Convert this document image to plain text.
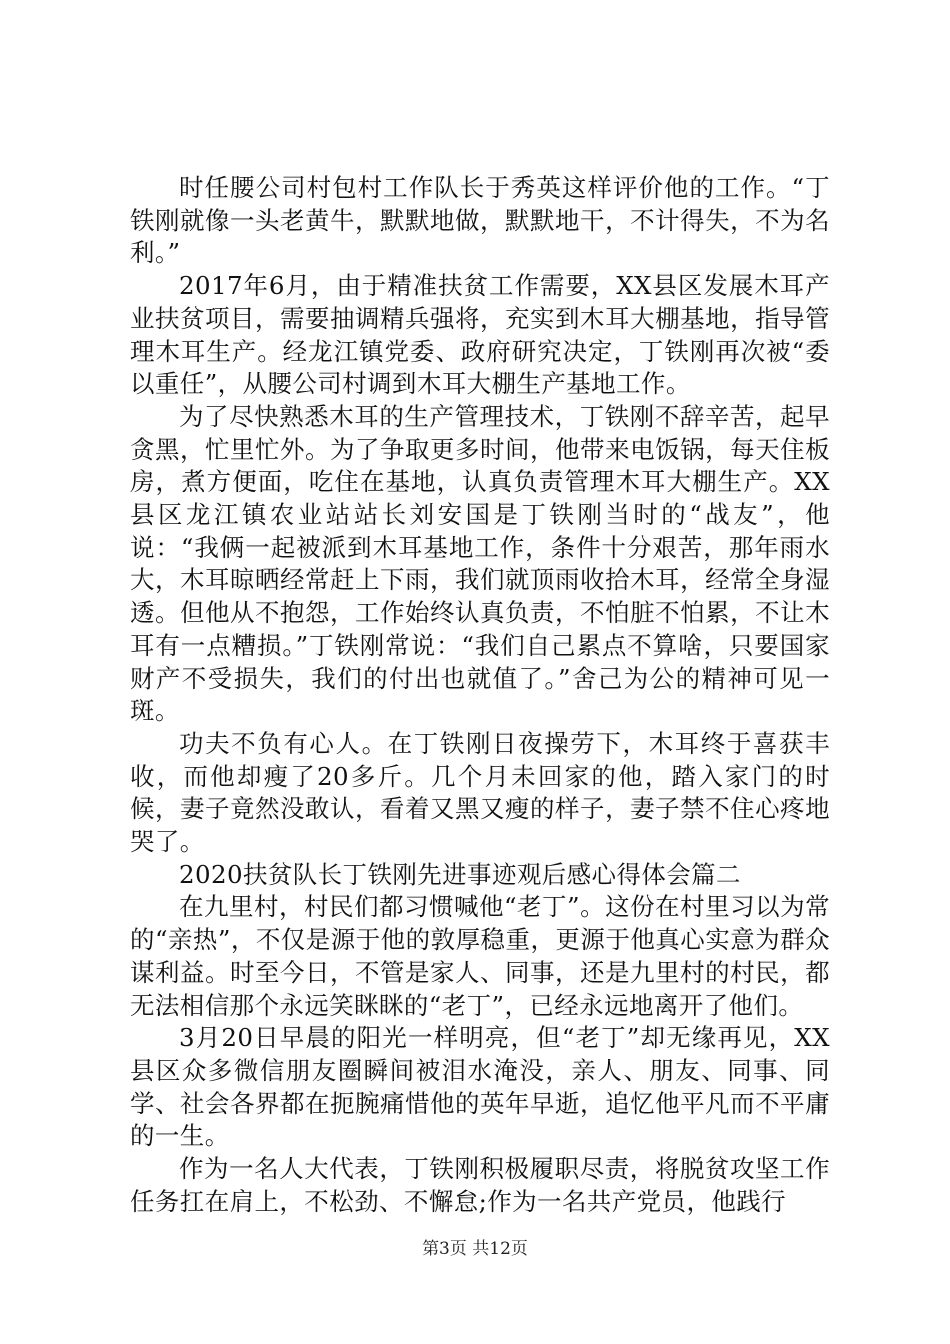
时任腰公司村包村工作队长于秀英这样评价他的工作。“丁铁刚就像一头老黄牛，默默地做，默默地干，不计得失，不为名利。”

2017年6月，由于精准扶贫工作需要，XX县区发展木耳产业扶贫项目，需要抽调精兵强将，充实到木耳大棚基地，指导管理木耳生产。经龙江镇党委、政府研究决定，丁铁刚再次被“委以重任”，从腰公司村调到木耳大棚生产基地工作。

为了尽快熟悉木耳的生产管理技术，丁铁刚不辞辛苦，起早贪黑，忙里忙外。为了争取更多时间，他带来电饭锅，每天住板房，煮方便面，吃住在基地，认真负责管理木耳大棚生产。XX县区龙江镇农业站站长刘安国是丁铁刚当时的“战友”，他说：“我俩一起被派到木耳基地工作，条件十分艰苦，那年雨水大，木耳晾晒经常赶上下雨，我们就顶雨收拾木耳，经常全身湿透。但他从不抱怨，工作始终认真负责，不怕脏不怕累，不让木耳有一点糟损。”丁铁刚常说：“我们自己累点不算啥，只要国家财产不受损失，我们的付出也就值了。”舍己为公的精神可见一斑。

功夫不负有心人。在丁铁刚日夜操劳下，木耳终于喜获丰收，而他却瘦了20多斤。几个月未回家的他，踏入家门的时候，妻子竟然没敢认，看着又黑又瘦的样子，妻子禁不住心疼地哭了。

2020扶贫队长丁铁刚先进事迹观后感心得体会篇二

在九里村，村民们都习惯喊他“老丁”。这份在村里习以为常的“亲热”，不仅是源于他的敦厚稳重，更源于他真心实意为群众谋利益。时至今日，不管是家人、同事，还是九里村的村民，都无法相信那个永远笑眯眯的“老丁”，已经永远地离开了他们。

3月20日早晨的阳光一样明亮，但“老丁”却无缘再见，XX县区众多微信朋友圈瞬间被泪水淹没，亲人、朋友、同事、同学、社会各界都在扼腕痛惜他的英年早逝，追忆他平凡而不平庸的一生。

作为一名人大代表，丁铁刚积极履职尽责，将脱贫攻坚工作任务扛在肩上，不松劲、不懈怠;作为一名共产党员，他践行

第3页 共12页
